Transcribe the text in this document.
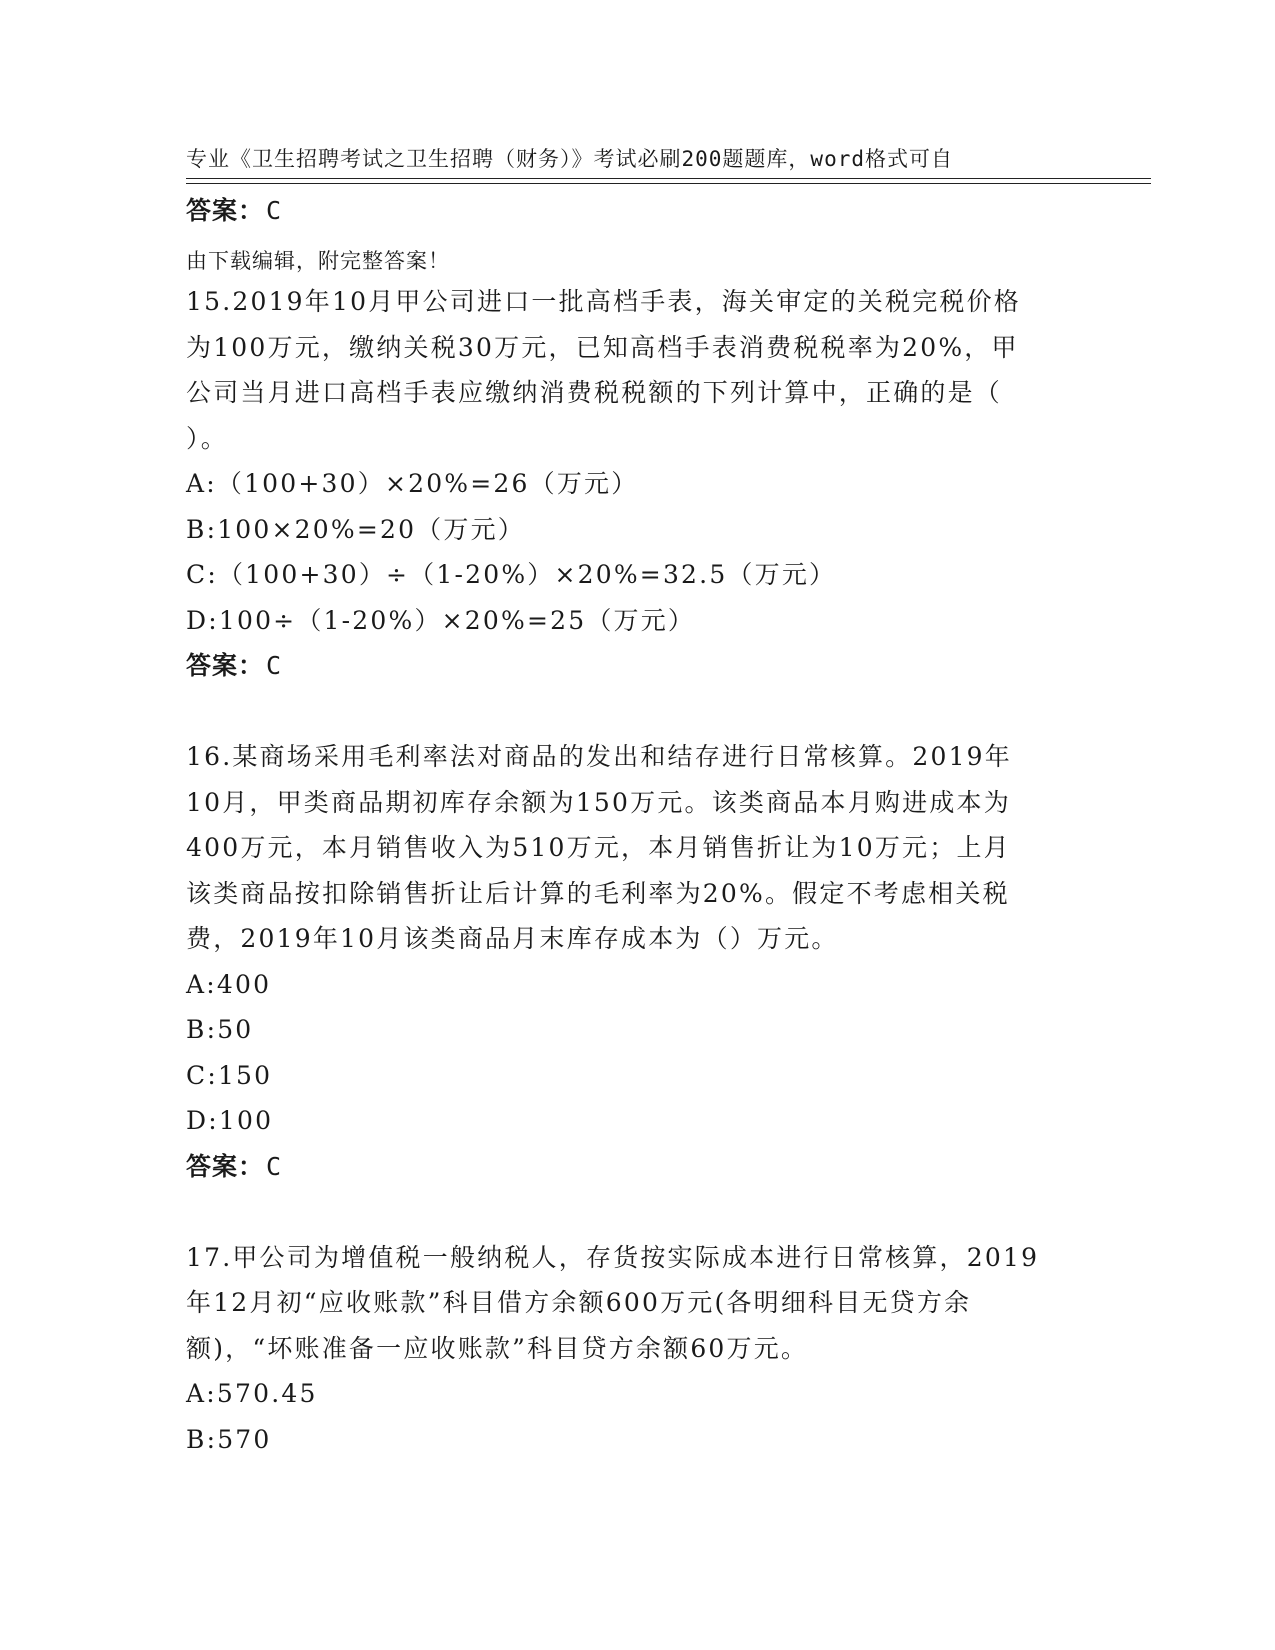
专业《卫生招聘考试之卫生招聘（财务）》考试必刷200题题库，word格式可自

由下载编辑，附完整答案！

答案：C
15.2019年10月甲公司进口一批高档手表，海关审定的关税完税价格
为100万元，缴纳关税30万元，已知高档手表消费税税率为20%，甲
公司当月进口高档手表应缴纳消费税税额的下列计算中，正确的是（
）。
A:（100+30）×20%=26（万元）
B:100×20%=20（万元）
C:（100+30）÷（1-20%）×20%=32.5（万元）
D:100÷（1-20%）×20%=25（万元）
答案：C
16.某商场采用毛利率法对商品的发出和结存进行日常核算。2019年
10月，甲类商品期初库存余额为150万元。该类商品本月购进成本为
400万元，本月销售收入为510万元，本月销售折让为10万元；上月
该类商品按扣除销售折让后计算的毛利率为20%。假定不考虑相关税
费，2019年10月该类商品月末库存成本为（）万元。
A:400
B:50
C:150
D:100
答案：C
17.甲公司为增值税一般纳税人，存货按实际成本进行日常核算，2019
年12月初“应收账款”科目借方余额600万元(各明细科目无贷方余
额)，“坏账准备一应收账款”科目贷方余额60万元。
A:570.45
B:570
